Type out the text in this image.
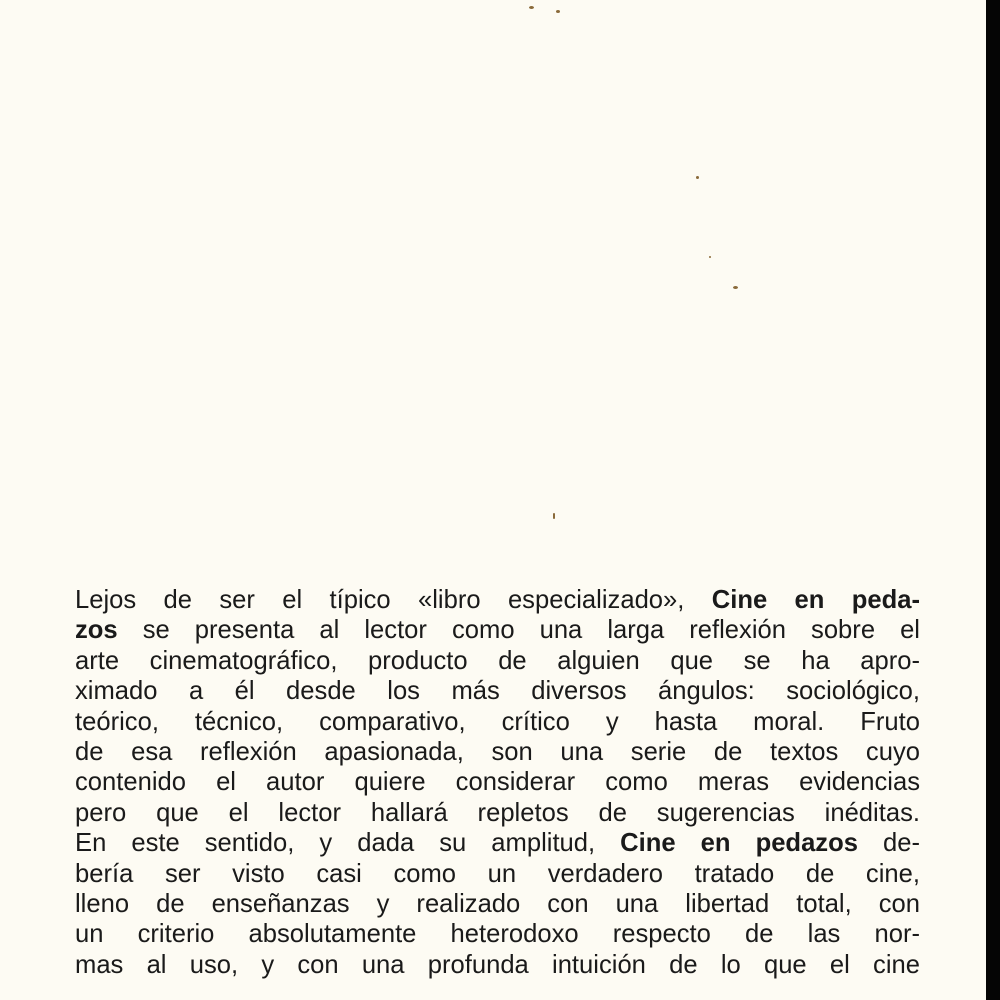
Lejos de ser el típico «libro especializado», Cine en peda-
zos se presenta al lector como una larga reflexión sobre el
arte cinematográfico, producto de alguien que se ha apro-
ximado a él desde los más diversos ángulos: sociológico,
teórico, técnico, comparativo, crítico y hasta moral. Fruto
de esa reflexión apasionada, son una serie de textos cuyo
contenido el autor quiere considerar como meras evidencias
pero que el lector hallará repletos de sugerencias inéditas.
En este sentido, y dada su amplitud, Cine en pedazos de-
bería ser visto casi como un verdadero tratado de cine,
lleno de enseñanzas y realizado con una libertad total, con
un criterio absolutamente heterodoxo respecto de las nor-
mas al uso, y con una profunda intuición de lo que el cine
